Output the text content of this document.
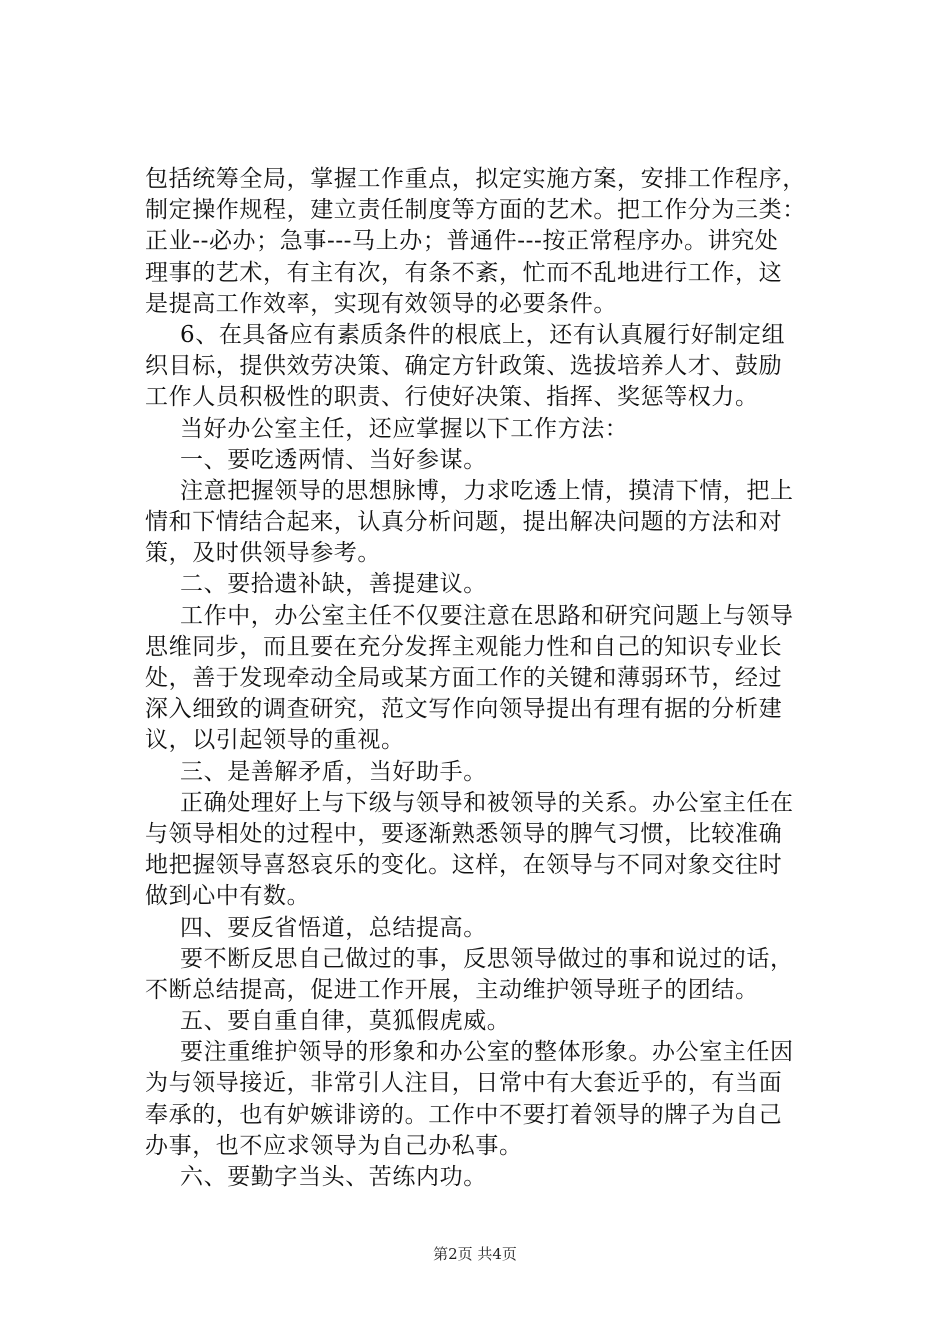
包括统筹全局，掌握工作重点，拟定实施方案，安排工作程序，
制定操作规程，建立责任制度等方面的艺术。把工作分为三类：
正业--必办；急事---马上办；普通件---按正常程序办。讲究处
理事的艺术，有主有次，有条不紊，忙而不乱地进行工作，这
是提高工作效率，实现有效领导的必要条件。
6、在具备应有素质条件的根底上，还有认真履行好制定组
织目标，提供效劳决策、确定方针政策、选拔培养人才、鼓励
工作人员积极性的职责、行使好决策、指挥、奖惩等权力。
当好办公室主任，还应掌握以下工作方法：
一、要吃透两情、当好参谋。
注意把握领导的思想脉博，力求吃透上情，摸清下情，把上
情和下情结合起来，认真分析问题，提出解决问题的方法和对
策，及时供领导参考。
二、要拾遗补缺，善提建议。
工作中，办公室主任不仅要注意在思路和研究问题上与领导
思维同步，而且要在充分发挥主观能力性和自己的知识专业长
处，善于发现牵动全局或某方面工作的关键和薄弱环节，经过
深入细致的调查研究，范文写作向领导提出有理有据的分析建
议，以引起领导的重视。
三、是善解矛盾，当好助手。
正确处理好上与下级与领导和被领导的关系。办公室主任在
与领导相处的过程中，要逐渐熟悉领导的脾气习惯，比较准确
地把握领导喜怒哀乐的变化。这样，在领导与不同对象交往时
做到心中有数。
四、要反省悟道，总结提高。
要不断反思自己做过的事，反思领导做过的事和说过的话，
不断总结提高，促进工作开展，主动维护领导班子的团结。
五、要自重自律，莫狐假虎威。
要注重维护领导的形象和办公室的整体形象。办公室主任因
为与领导接近，非常引人注目，日常中有大套近乎的，有当面
奉承的，也有妒嫉诽谤的。工作中不要打着领导的牌子为自己
办事，也不应求领导为自己办私事。
六、要勤字当头、苦练内功。
第2页 共4页
